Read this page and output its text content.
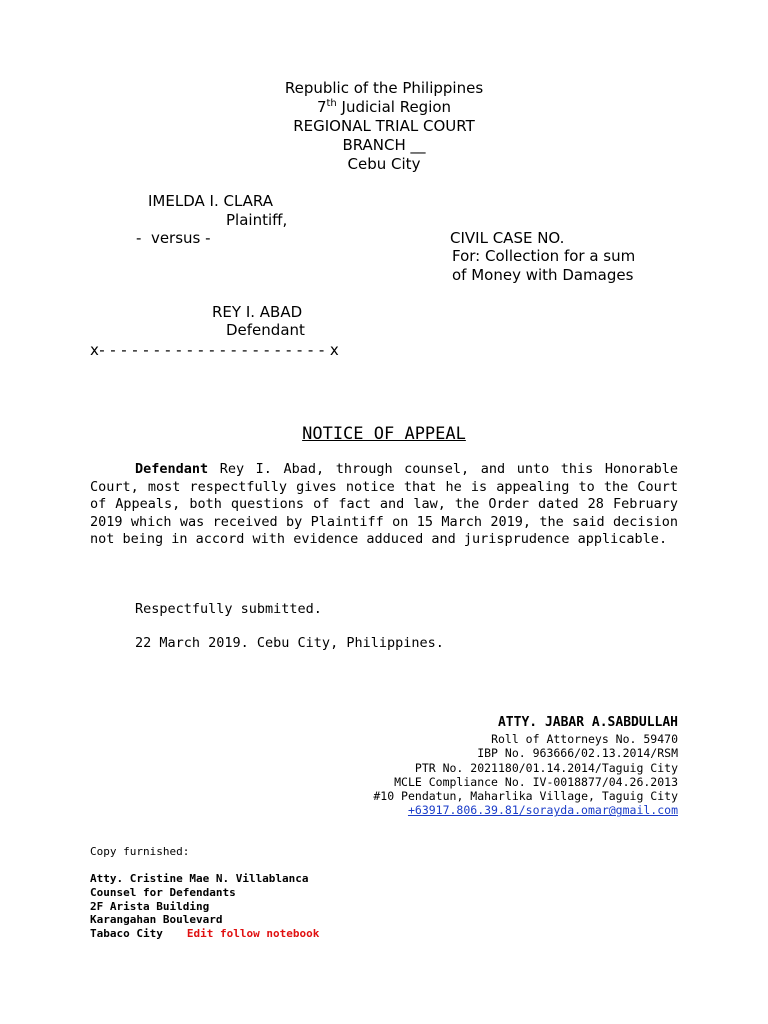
Republic of the Philippines
7th Judicial Region
REGIONAL TRIAL COURT
BRANCH __
Cebu City
IMELDA I. CLARA
Plaintiff,
-  versus -	CIVIL CASE NO.
For: Collection for a sum
of Money with Damages
REY I. ABAD
Defendant
x- - - - - - - - - - - - - - - - - - - - - x
NOTICE OF APPEAL
Defendant Rey I. Abad, through counsel, and unto this Honorable Court, most respectfully gives notice that he is appealing to the Court of Appeals, both questions of fact and law, the Order dated 28 February 2019 which was received by Plaintiff on 15 March 2019, the said decision not being in accord with evidence adduced and jurisprudence applicable.
Respectfully submitted.
22 March 2019. Cebu City, Philippines.
ATTY. JABAR A.SABDULLAH
Roll of Attorneys No. 59470
IBP No. 963666/02.13.2014/RSM
PTR No. 2021180/01.14.2014/Taguig City
MCLE Compliance No. IV-0018877/04.26.2013
#10 Pendatun, Maharlika Village, Taguig City
+63917.806.39.81/sorayda.omar@gmail.com
Copy furnished:
Atty. Cristine Mae N. Villablanca
Counsel for Defendants
2F Arista Building
Karangahan Boulevard
Tabaco City Edit follow notebook
